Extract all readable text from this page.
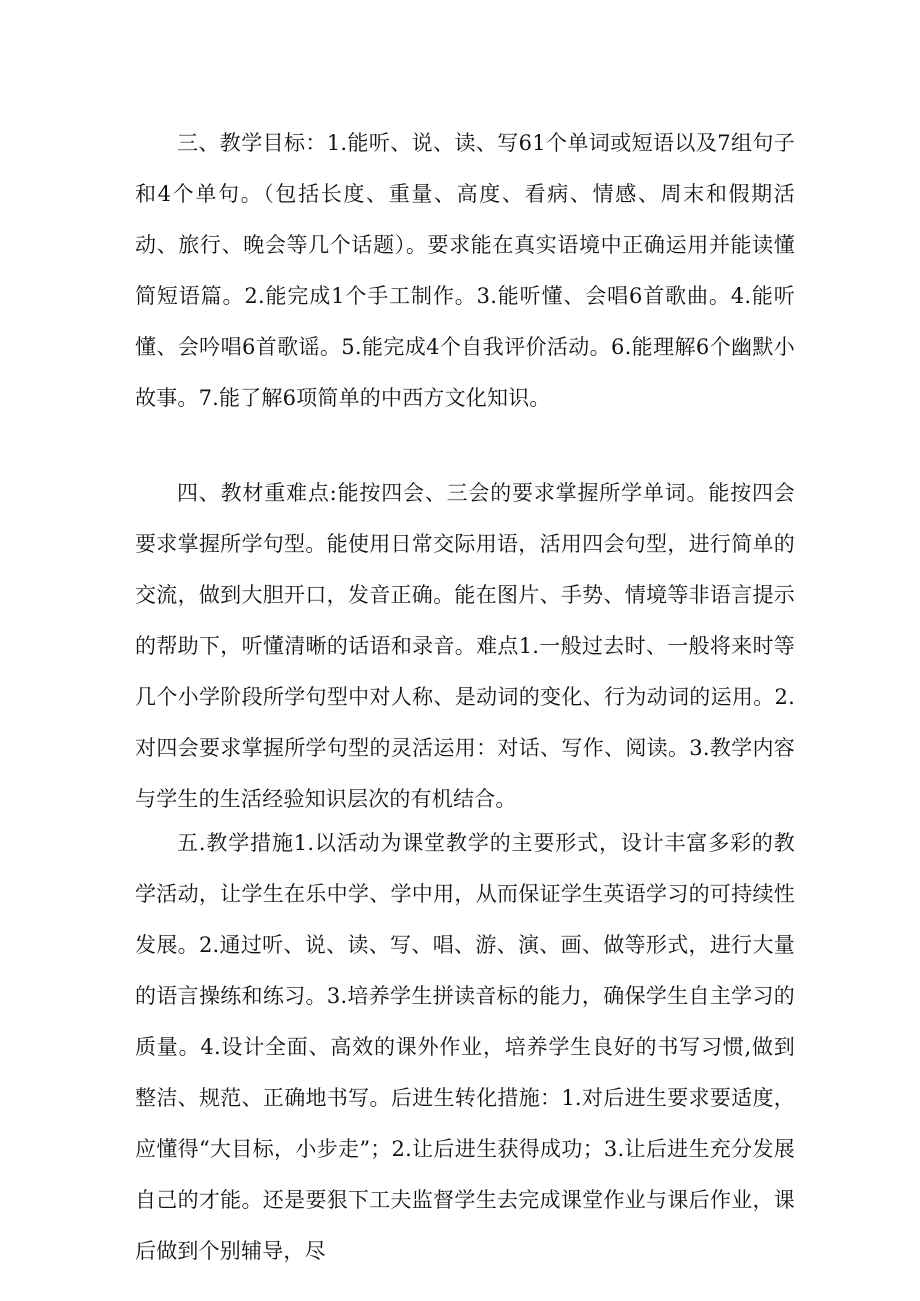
三、教学目标：1.能听、说、读、写61个单词或短语以及7组句子和4个单句。（包括长度、重量、高度、看病、情感、周末和假期活动、旅行、晚会等几个话题）。要求能在真实语境中正确运用并能读懂简短语篇。2.能完成1个手工制作。3.能听懂、会唱6首歌曲。4.能听懂、会吟唱6首歌谣。5.能完成4个自我评价活动。6.能理解6个幽默小故事。7.能了解6项简单的中西方文化知识。

四、教材重难点:能按四会、三会的要求掌握所学单词。能按四会要求掌握所学句型。能使用日常交际用语，活用四会句型，进行简单的交流，做到大胆开口，发音正确。能在图片、手势、情境等非语言提示的帮助下，听懂清晰的话语和录音。难点1.一般过去时、一般将来时等几个小学阶段所学句型中对人称、是动词的变化、行为动词的运用。2.对四会要求掌握所学句型的灵活运用：对话、写作、阅读。3.教学内容与学生的生活经验知识层次的有机结合。

五.教学措施1.以活动为课堂教学的主要形式，设计丰富多彩的教学活动，让学生在乐中学、学中用，从而保证学生英语学习的可持续性发展。2.通过听、说、读、写、唱、游、演、画、做等形式，进行大量的语言操练和练习。3.培养学生拼读音标的能力，确保学生自主学习的质量。4.设计全面、高效的课外作业，培养学生良好的书写习惯,做到整洁、规范、正确地书写。后进生转化措施：1.对后进生要求要适度，应懂得“大目标，小步走”；2.让后进生获得成功；3.让后进生充分发展自己的才能。还是要狠下工夫监督学生去完成课堂作业与课后作业，课后做到个别辅导，尽
